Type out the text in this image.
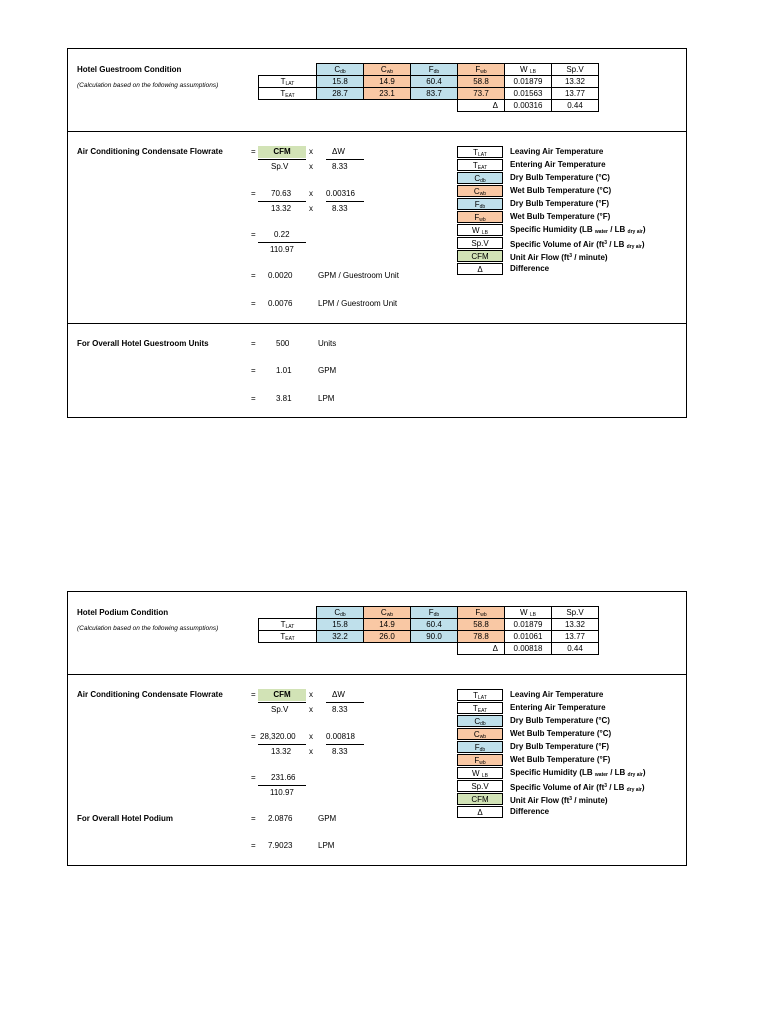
Hotel Guestroom Condition
(Calculation based on the following assumptions)
	$C_{db}$	$C_{wb}$	$F_{db}$	$F_{wb}$	W $_{LB}$	Sp.V
$T_{LAT}$	15.8	14.9	60.4	58.8	0.01879	13.32
$T_{EAT}$	28.7	23.1	83.7	73.7	0.01563	13.77
				Δ	0.00316	0.44
Air Conditioning Condensate Flowrate	=	CFM	x ΔW
Sp.V	x 8.33
= 70.63 x 0.00316
13.32 x 8.33
= 0.22
110.97
= 0.0020	GPM / Guestroom Unit
= 0.0076	LPM / Guestroom Unit
$T_{LAT}$	Leaving Air Temperature
$T_{EAT}$	Entering Air Temperature
$C_{db}$	Dry Bulb Temperature (°C)
$C_{wb}$	Wet Bulb Temperature (°C)
$F_{db}$	Dry Bulb Temperature (°F)
$F_{wb}$	Wet Bulb Temperature (°F)
W $_{LB}$	Specific Humidity (LB $_{water}$ / LB $_{dry air}$)
Sp.V	Specific Volume of Air ($ft^3$ / LB $_{dry air}$)
CFM	Unit Air Flow ($ft^3$ / minute)
Δ	Difference
For Overall Hotel Guestroom Units	=	500	Units
=	1.01	GPM
=	3.81	LPM
Hotel Podium Condition
(Calculation based on the following assumptions)
	$C_{db}$	$C_{wb}$	$F_{db}$	$F_{wb}$	W $_{LB}$	Sp.V
$T_{LAT}$	15.8	14.9	60.4	58.8	0.01879	13.32
$T_{EAT}$	32.2	26.0	90.0	78.8	0.01061	13.77
				Δ	0.00818	0.44
Air Conditioning Condensate Flowrate	=	CFM	x ΔW
Sp.V	x 8.33
= 28,320.00 x 0.00818
13.32 x 8.33
= 231.66
110.97
For Overall Hotel Podium	= 2.0876	GPM
= 7.9023	LPM
$T_{LAT}$	Leaving Air Temperature
$T_{EAT}$	Entering Air Temperature
$C_{db}$	Dry Bulb Temperature (°C)
$C_{wb}$	Wet Bulb Temperature (°C)
$F_{db}$	Dry Bulb Temperature (°F)
$F_{wb}$	Wet Bulb Temperature (°F)
W $_{LB}$	Specific Humidity (LB $_{water}$ / LB $_{dry air}$)
Sp.V	Specific Volume of Air ($ft^3$ / LB $_{dry air}$)
CFM	Unit Air Flow ($ft^3$ / minute)
Δ	Difference
